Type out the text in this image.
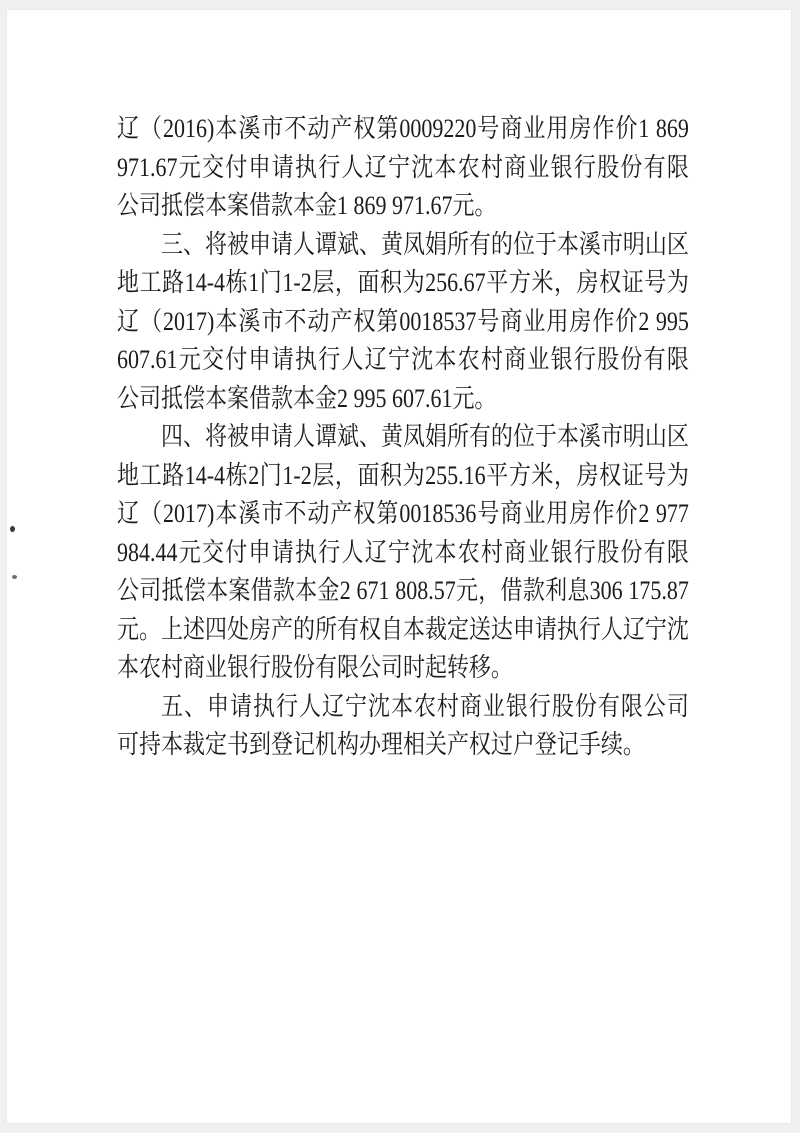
辽（2016)本溪市不动产权第0009220号商业用房作价1 869
971.67元交付申请执行人辽宁沈本农村商业银行股份有限
公司抵偿本案借款本金1 869 971.67元。
三、将被申请人谭斌、黄凤娟所有的位于本溪市明山区
地工路14-4栋1门1-2层，面积为256.67平方米，房权证号为
辽（2017)本溪市不动产权第0018537号商业用房作价2 995
607.61元交付申请执行人辽宁沈本农村商业银行股份有限
公司抵偿本案借款本金2 995 607.61元。
四、将被申请人谭斌、黄凤娟所有的位于本溪市明山区
地工路14-4栋2门1-2层，面积为255.16平方米，房权证号为
辽（2017)本溪市不动产权第0018536号商业用房作价2 977
984.44元交付申请执行人辽宁沈本农村商业银行股份有限
公司抵偿本案借款本金2 671 808.57元，借款利息306 175.87
元。上述四处房产的所有权自本裁定送达申请执行人辽宁沈
本农村商业银行股份有限公司时起转移。
五、申请执行人辽宁沈本农村商业银行股份有限公司
可持本裁定书到登记机构办理相关产权过户登记手续。
